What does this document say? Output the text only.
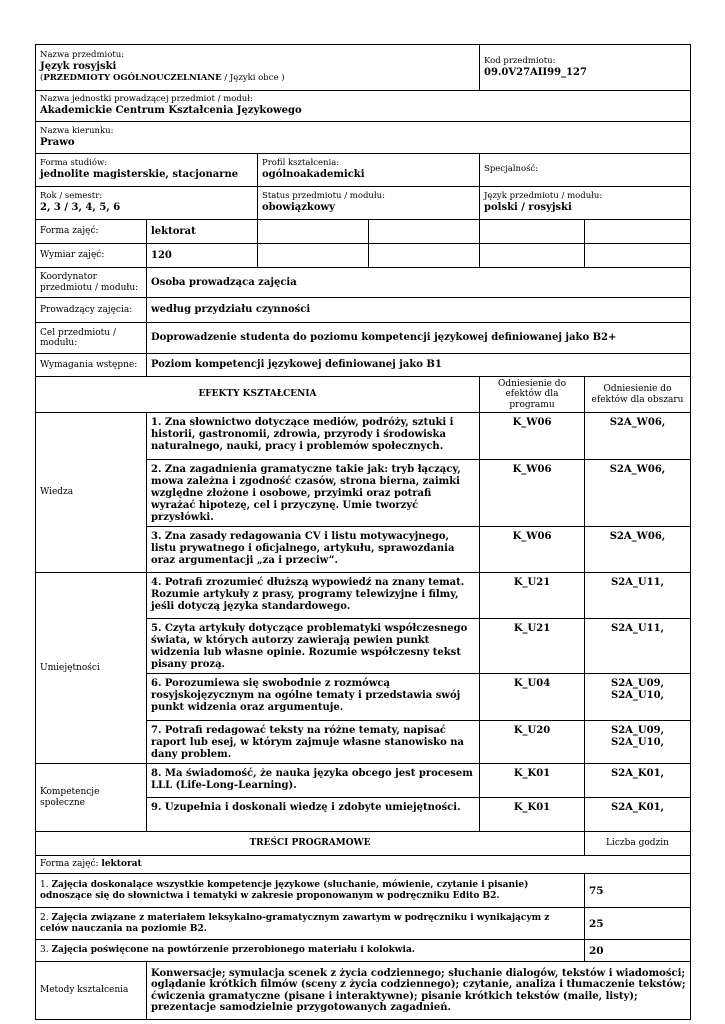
Nazwa przedmiotu:
Język rosyjski
(PRZEDMIOTY OGÓLNOUCZELNIANE / Języki obce )				Kod przedmiotu:
09.0V27AII99_127	

Nazwa jednostki prowadzącej przedmiot / moduł:
Akademickie Centrum Kształcenia Językowego					

Nazwa kierunku:
Prawo					

Forma studiów:
jednolite magisterskie, stacjonarne		Profil kształcenia:
ogólnoakademicki		Specjalność:	

Rok / semestr:
2, 3 / 3, 4, 5, 6		Status przedmiotu / modułu:
obowiązkowy		Język przedmiotu / modułu:
polski / rosyjski	

Forma zajęć:	lektorat				
Wymiar zajęć:	120				
Koordynator przedmiotu / modułu:	Osoba prowadząca zajęcia				
Prowadzący zajęcia:	według przydziału czynności				
Cel przedmiotu / modułu:	Doprowadzenie studenta do poziomu kompetencji językowej definiowanej jako B2+				
Wymagania wstępne:	Poziom kompetencji językowej definiowanej jako B1				
EFEKTY KSZTAŁCENIA				Odniesienie do efektów dla programu	Odniesienie do efektów dla obszaru
Wiedza	1. Zna słownictwo dotyczące mediów, podróży, sztuki i historii, gastronomii, zdrowia, przyrody i środowiska naturalnego, nauki, pracy i problemów społecznych.			K_W06	S2A_W06,
	2. Zna zagadnienia gramatyczne takie jak: tryb łączący, mowa zależna i zgodność czasów, strona bierna, zaimki względne złożone i osobowe, przyimki oraz potrafi wyrażać hipotezę, cel i przyczynę. Umie tworzyć przysłówki.			K_W06	S2A_W06,
	3. Zna zasady redagowania CV i listu motywacyjnego, listu prywatnego i oficjalnego, artykułu, sprawozdania oraz argumentacji „za i przeciw”.			K_W06	S2A_W06,
Umiejętności	4. Potrafi zrozumieć dłuższą wypowiedź na znany temat. Rozumie artykuły z prasy, programy telewizyjne i filmy, jeśli dotyczą języka standardowego.			K_U21	S2A_U11,
	5. Czyta artykuły dotyczące problematyki współczesnego świata, w których autorzy zawierają pewien punkt widzenia lub własne opinie. Rozumie współczesny tekst pisany prozą.			K_U21	S2A_U11,
	6. Porozumiewa się swobodnie z rozmówcą rosyjskojęzycznym na ogólne tematy i przedstawia swój punkt widzenia oraz argumentuje.			K_U04	S2A_U09,
S2A_U10,
	7. Potrafi redagować teksty na różne tematy, napisać raport lub esej, w którym zajmuje własne stanowisko na dany problem.			K_U20	S2A_U09,
S2A_U10,
Kompetencje społeczne	8. Ma świadomość, że nauka języka obcego jest procesem LLL (Life-Long-Learning).			K_K01	S2A_K01,
	9. Uzupełnia i doskonali wiedzę i zdobyte umiejętności.			K_K01	S2A_K01,
TREŚCI PROGRAMOWE					Liczba godzin
Forma zajęć: lektorat					
1. Zajęcia doskonalące wszystkie kompetencje językowe (słuchanie, mówienie, czytanie i pisanie) odnoszące się do słownictwa i tematyki w zakresie proponowanym w podręczniku Edito B2.					75
2. Zajęcia związane z materiałem leksykalno-gramatycznym zawartym w podręczniku i wynikającym z celów nauczania na poziomie B2.					25
3. Zajęcia poświęcone na powtórzenie przerobionego materiału i kolokwia.					20
Metody kształcenia	Konwersacje; symulacja scenek z życia codziennego; słuchanie dialogów, tekstów i wiadomości; oglądanie krótkich filmów (sceny z życia codziennego); czytanie, analiza i tłumaczenie tekstów; ćwiczenia gramatyczne (pisane i interaktywne); pisanie krótkich tekstów (maile, listy); prezentacje samodzielnie przygotowanych zagadnień.				
